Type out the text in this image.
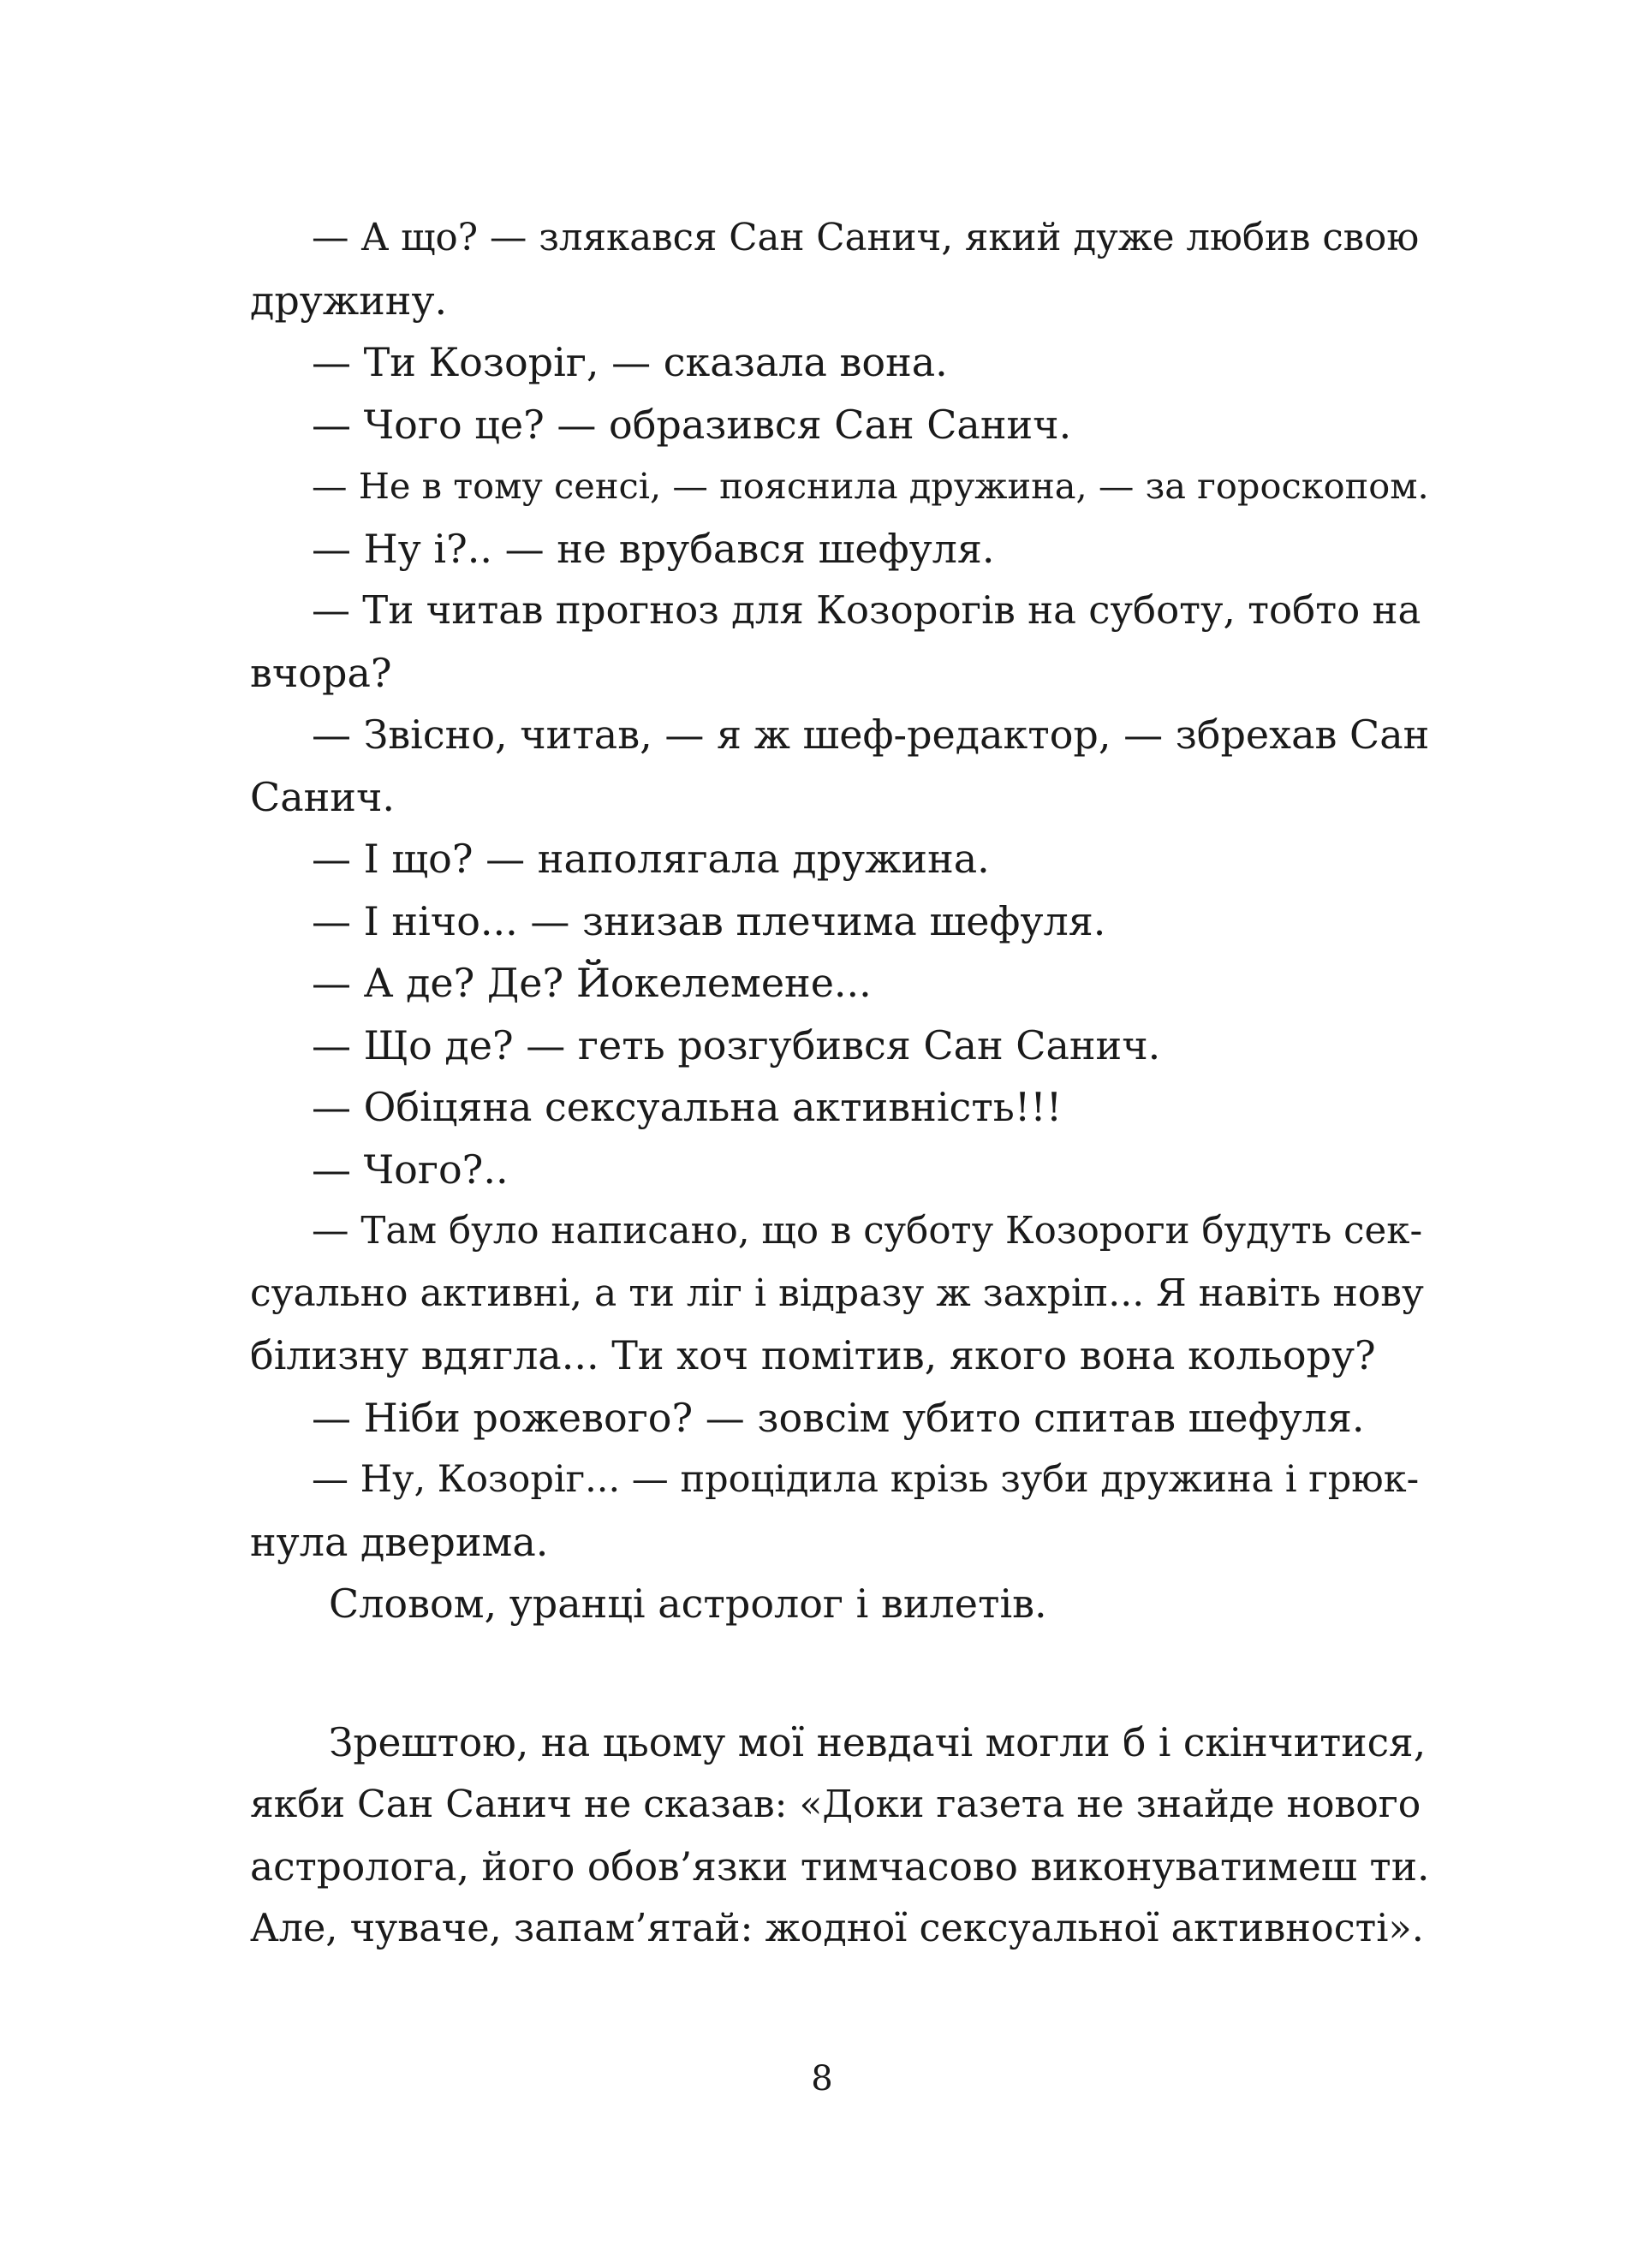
— А що? — злякався Сан Санич, який дуже любив свою
дружину.
— Ти Козоріг, — сказала вона.
— Чого це? — образився Сан Санич.
— Не в тому сенсі, — пояснила дружина, — за гороскопом.
— Ну і?.. — не врубався шефуля.
— Ти читав прогноз для Козорогів на суботу, тобто на
вчора?
— Звісно, читав, — я ж шеф-редактор, — збрехав Сан
Санич.
— І що? — наполягала дружина.
— І нічо... — знизав плечима шефуля.
— А де? Де? Йокелемене...
— Що де? — геть розгубився Сан Санич.
— Обіцяна сексуальна активність!!!
— Чого?..
— Там було написано, що в суботу Козороги будуть сек-
суально активні, а ти ліг і відразу ж захріп... Я навіть нову
білизну вдягла... Ти хоч помітив, якого вона кольору?
— Ніби рожевого? — зовсім убито спитав шефуля.
— Ну, Козоріг... — процідила крізь зуби дружина і грюк-
нула дверима.
Словом, уранці астролог і вилетів.
Зрештою, на цьому мої невдачі могли б і скінчитися,
якби Сан Санич не сказав: «Доки газета не знайде нового
астролога, його обов’язки тимчасово виконуватимеш ти.
Але, чуваче, запам’ятай: жодної сексуальної активності».
8
